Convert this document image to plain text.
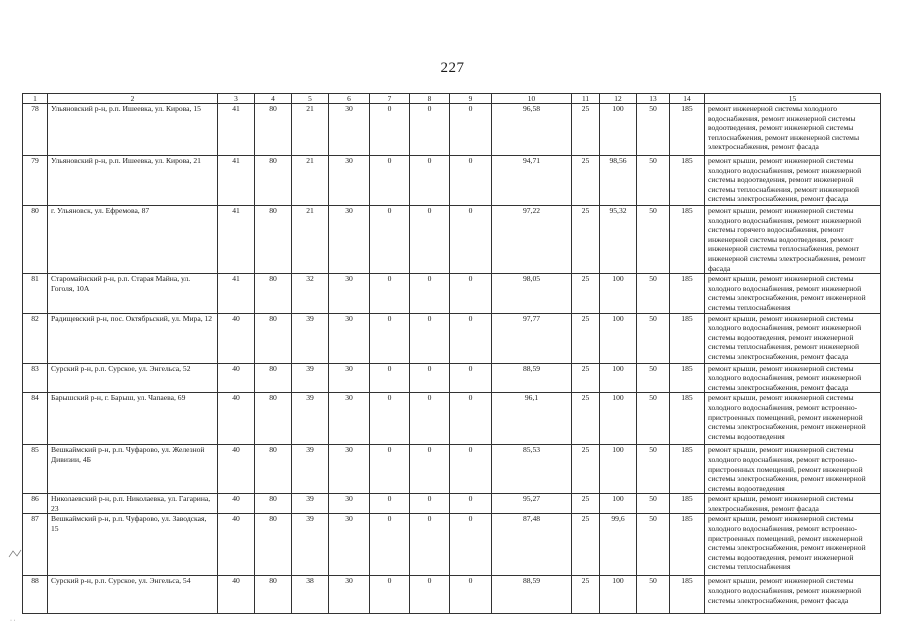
227
1	2	3	4	5	6	7	8	9	10	11	12	13	14	15
78	Ульяновский р-н, р.п. Ишеевка, ул. Кирова, 15	41	80	21	30	0	0	0	96,58	25	100	50	185	ремонт инженерной системы холодного водоснабжения, ремонт инженерной системы водоотведения, ремонт инженерной системы теплоснабжения, ремонт инженерной системы электроснабжения, ремонт фасада
79	Ульяновский р-н, р.п. Ишеевка, ул. Кирова, 21	41	80	21	30	0	0	0	94,71	25	98,56	50	185	ремонт крыши, ремонт инженерной системы холодного водоснабжения, ремонт инженерной системы водоотведения, ремонт инженерной системы теплоснабжения, ремонт инженерной системы электроснабжения, ремонт фасада
80	г. Ульяновск, ул. Ефремова, 87	41	80	21	30	0	0	0	97,22	25	95,32	50	185	ремонт крыши, ремонт инженерной системы холодного водоснабжения, ремонт инженерной системы горячего водоснабжения, ремонт инженерной системы водоотведения, ремонт инженерной системы теплоснабжения, ремонт инженерной системы электроснабжения, ремонт фасада
81	Старомайнский р-н, р.п. Старая Майна, ул. Гоголя, 10А	41	80	32	30	0	0	0	98,05	25	100	50	185	ремонт крыши, ремонт инженерной системы холодного водоснабжения, ремонт инженерной системы электроснабжения, ремонт инженерной системы теплоснабжения
82	Радищевский р-н, пос. Октябрьский, ул. Мира, 12	40	80	39	30	0	0	0	97,77	25	100	50	185	ремонт крыши, ремонт инженерной системы холодного водоснабжения, ремонт инженерной системы водоотведения, ремонт инженерной системы теплоснабжения, ремонт инженерной системы электроснабжения, ремонт фасада
83	Сурский р-н, р.п. Сурское, ул. Энгельса, 52	40	80	39	30	0	0	0	88,59	25	100	50	185	ремонт крыши, ремонт инженерной системы холодного водоснабжения, ремонт инженерной системы электроснабжения, ремонт фасада
84	Барышский р-н, г. Барыш, ул. Чапаева, 69	40	80	39	30	0	0	0	96,1	25	100	50	185	ремонт крыши, ремонт инженерной системы холодного водоснабжения, ремонт встроенно-пристроенных помещений, ремонт инженерной системы электроснабжения, ремонт инженерной системы водоотведения
85	Вешкаймский р-н, р.п. Чуфарово, ул. Железной Дивизии, 4Б	40	80	39	30	0	0	0	85,53	25	100	50	185	ремонт крыши, ремонт инженерной системы холодного водоснабжения, ремонт встроенно-пристроенных помещений, ремонт инженерной системы электроснабжения, ремонт инженерной системы водоотведения
86	Николаевский р-н, р.п. Николаевка, ул. Гагарина, 23	40	80	39	30	0	0	0	95,27	25	100	50	185	ремонт крыши, ремонт инженерной системы электроснабжения, ремонт фасада
87	Вешкаймский р-н, р.п. Чуфарово, ул. Заводская, 15	40	80	39	30	0	0	0	87,48	25	99,6	50	185	ремонт крыши, ремонт инженерной системы холодного водоснабжения, ремонт встроенно-пристроенных помещений, ремонт инженерной системы электроснабжения, ремонт инженерной системы водоотведения, ремонт инженерной системы теплоснабжения
88	Сурский р-н, р.п. Сурское, ул. Энгельса, 54	40	80	38	30	0	0	0	88,59	25	100	50	185	ремонт крыши, ремонт инженерной системы холодного водоснабжения, ремонт инженерной системы электроснабжения, ремонт фасада
· ·
